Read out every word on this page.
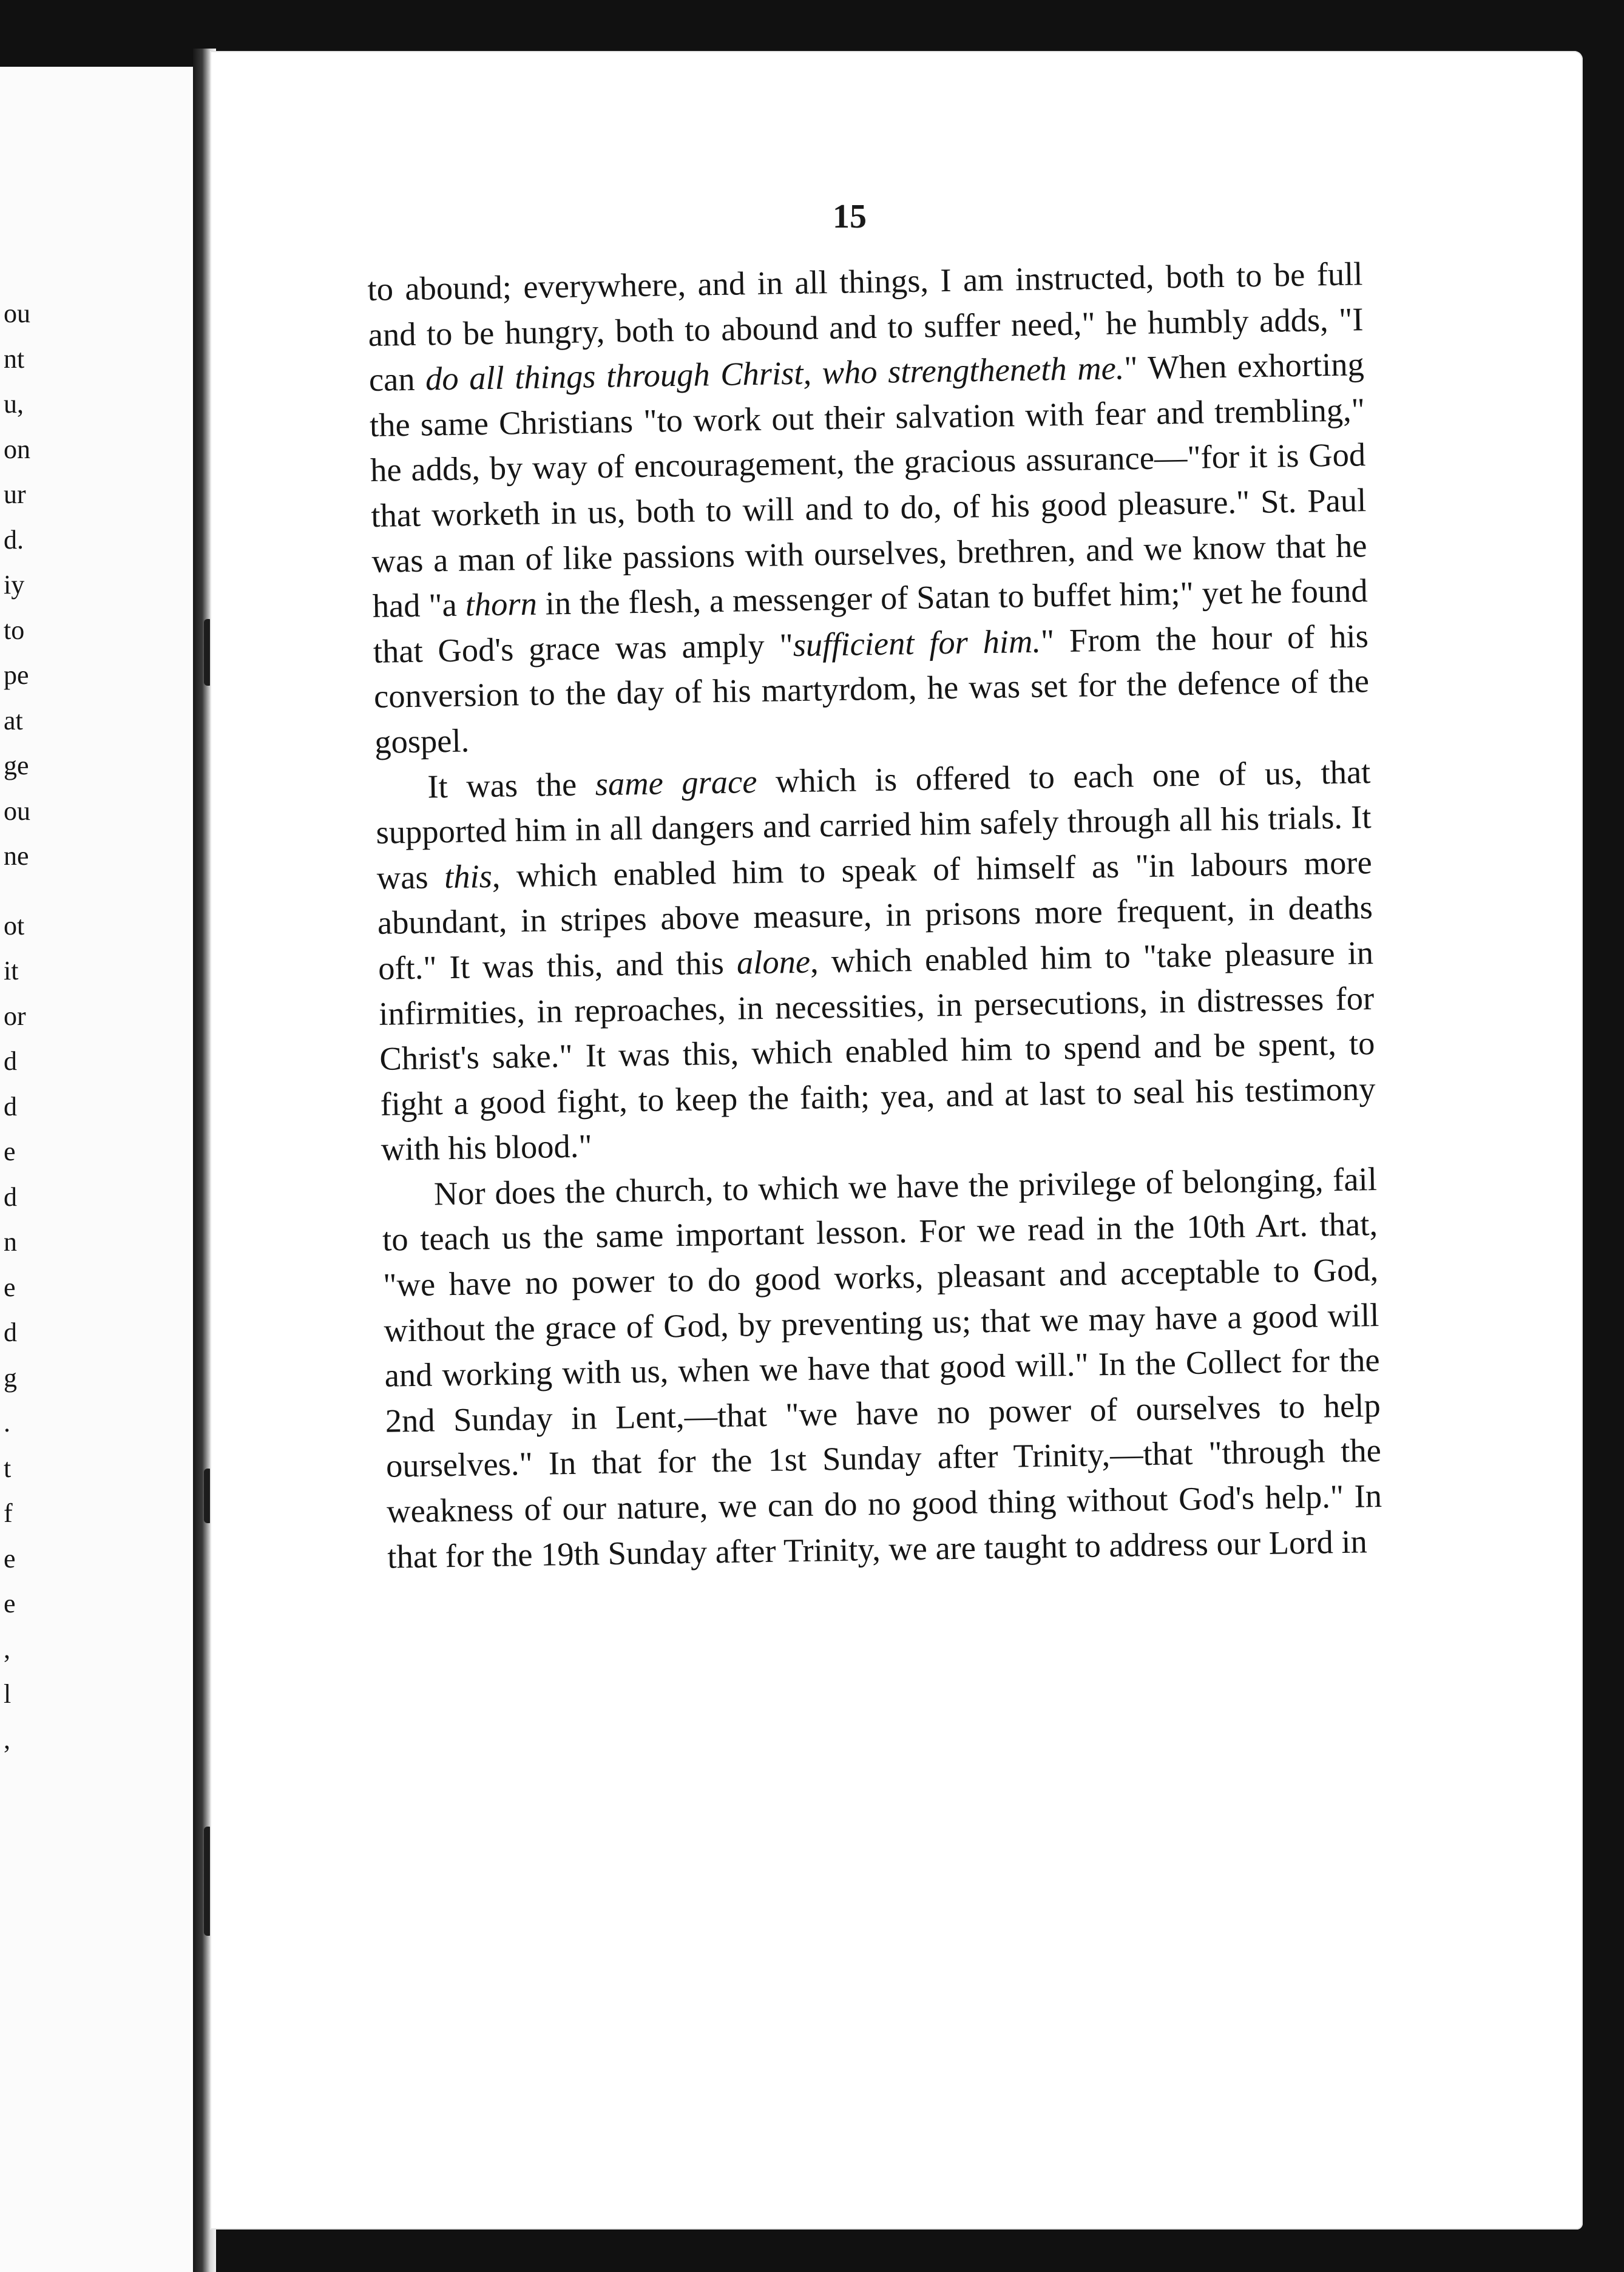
ou
nt
u,
on
ur
d.
iy
to
pe
at
ge
ou
ne
ot
it
or
d
d
e
d
n
e
d
g
.
t
f
e
e
,
l
,
15

to abound; everywhere, and in all things, I am instructed, both to be full and to be hungry, both to abound and to suffer need," he humbly adds, "I can do all things through Christ, who strengtheneth me." When exhorting the same Christians "to work out their salvation with fear and trembling," he adds, by way of encouragement, the gracious assurance—"for it is God that worketh in us, both to will and to do, of his good pleasure." St. Paul was a man of like passions with ourselves, brethren, and we know that he had "a thorn in the flesh, a messenger of Satan to buffet him;" yet he found that God's grace was amply "sufficient for him." From the hour of his conversion to the day of his martyrdom, he was set for the defence of the gospel.

It was the same grace which is offered to each one of us, that supported him in all dangers and carried him safely through all his trials. It was this, which enabled him to speak of himself as "in labours more abundant, in stripes above measure, in prisons more frequent, in deaths oft." It was this, and this alone, which enabled him to "take pleasure in infirmities, in reproaches, in necessities, in persecutions, in distresses for Christ's sake." It was this, which enabled him to spend and be spent, to fight a good fight, to keep the faith; yea, and at last to seal his testimony with his blood."

Nor does the church, to which we have the privilege of belonging, fail to teach us the same important lesson. For we read in the 10th Art. that, "we have no power to do good works, pleasant and acceptable to God, without the grace of God, by preventing us; that we may have a good will and working with us, when we have that good will." In the Collect for the 2nd Sunday in Lent,—that "we have no power of ourselves to help ourselves." In that for the 1st Sunday after Trinity,—that "through the weakness of our nature, we can do no good thing without God's help." In that for the 19th Sunday after Trinity, we are taught to address our Lord in
